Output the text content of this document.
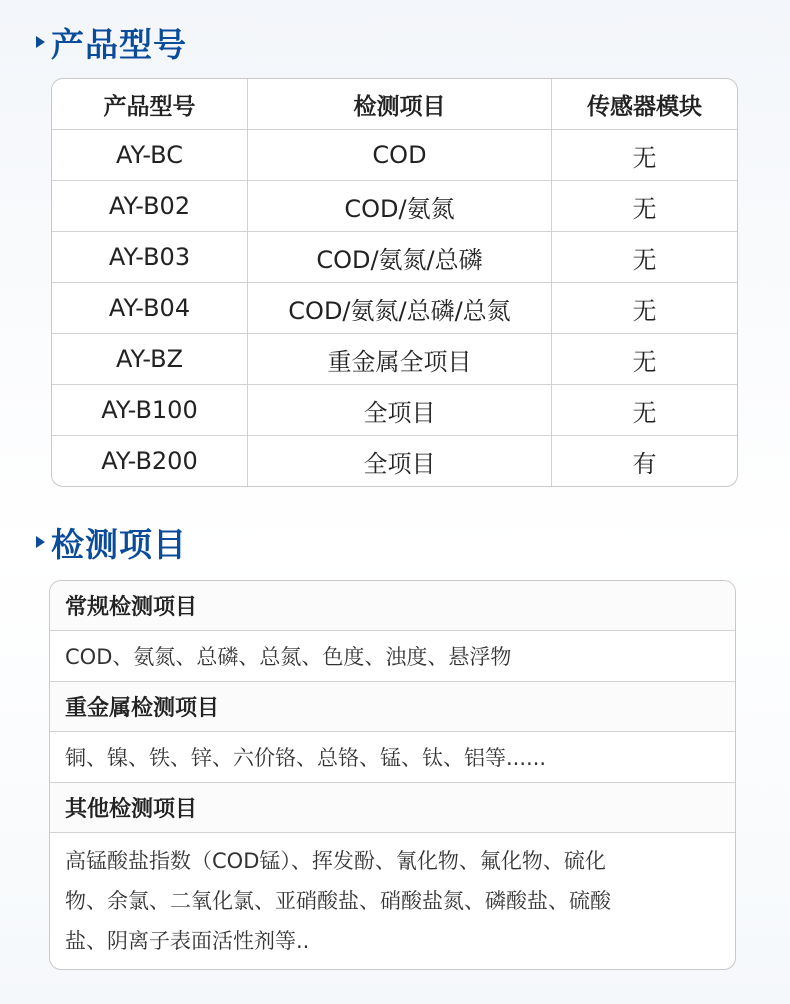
产品型号
产品型号	检测项目	传感器模块
AY-BC	COD	无
AY-B02	COD/氨氮	无
AY-B03	COD/氨氮/总磷	无
AY-B04	COD/氨氮/总磷/总氮	无
AY-BZ	重金属全项目	无
AY-B100	全项目	无
AY-B200	全项目	有
检测项目
常规检测项目
COD、氨氮、总磷、总氮、色度、浊度、悬浮物
重金属检测项目
铜、镍、铁、锌、六价铬、总铬、锰、钛、铝等......
其他检测项目
高锰酸盐指数（COD锰）、挥发酚、氰化物、氟化物、硫化
物、余氯、二氧化氯、亚硝酸盐、硝酸盐氮、磷酸盐、硫酸
盐、阴离子表面活性剂等..
